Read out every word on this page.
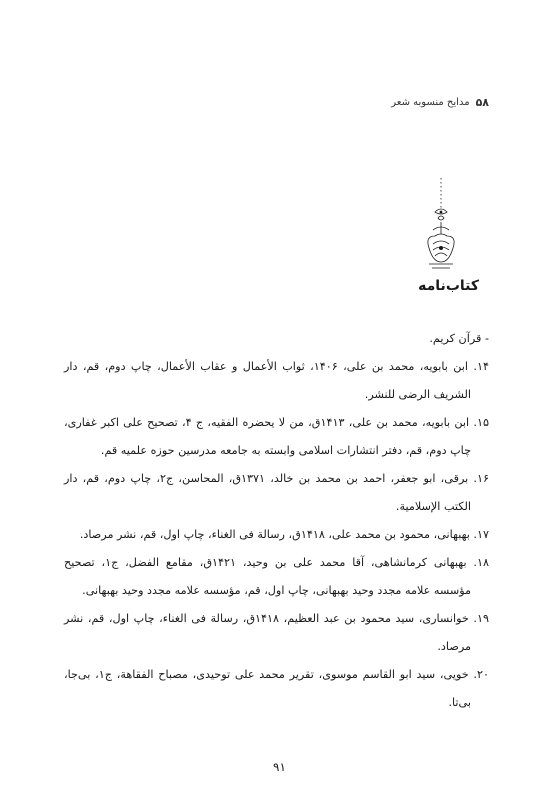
۵۸
مدایح منسوبه شعر
کتاب‌نامه

- قرآن کریم.

۱۴. ابن بابویه، محمد بن علی، ۱۴۰۶، ثواب الأعمال و عقاب الأعمال، چاپ دوم، قم، دار الشریف الرضی للنشر.

۱۵. ابن بابویه، محمد بن علی، ۱۴۱۳ق، من لا یحضره الفقیه، ج ۴، تصحیح علی اکبر غفاری، چاپ دوم، قم، دفتر انتشارات اسلامی وابسته به جامعه مدرسین حوزه علمیه قم.

۱۶. برقی، ابو جعفر، احمد بن محمد بن خالد، ۱۳۷۱ق، المحاسن، ج۲، چاپ دوم، قم، دار الکتب الإسلامیة.

۱۷. بهبهانی، محمود بن محمد علی، ۱۴۱۸ق، رسالة فی الغناء، چاپ اول، قم، نشر مرصاد.

۱۸. بهبهانی کرمانشاهی، آقا محمد علی بن وحید، ۱۴۲۱ق، مقامع الفضل، ج۱، تصحیح مؤسسه علامه مجدد وحید بهبهانی، چاپ اول، قم، مؤسسه علامه مجدد وحید بهبهانی.

۱۹. خوانساری، سید محمود بن عبد العظیم، ۱۴۱۸ق، رسالة فی الغناء، چاپ اول، قم، نشر مرصاد.

۲۰. خویی، سید ابو القاسم موسوی، تقریر محمد علی توحیدی، مصباح الفقاهة، ج۱، بی‌جا، بی‌تا.

۹۱
